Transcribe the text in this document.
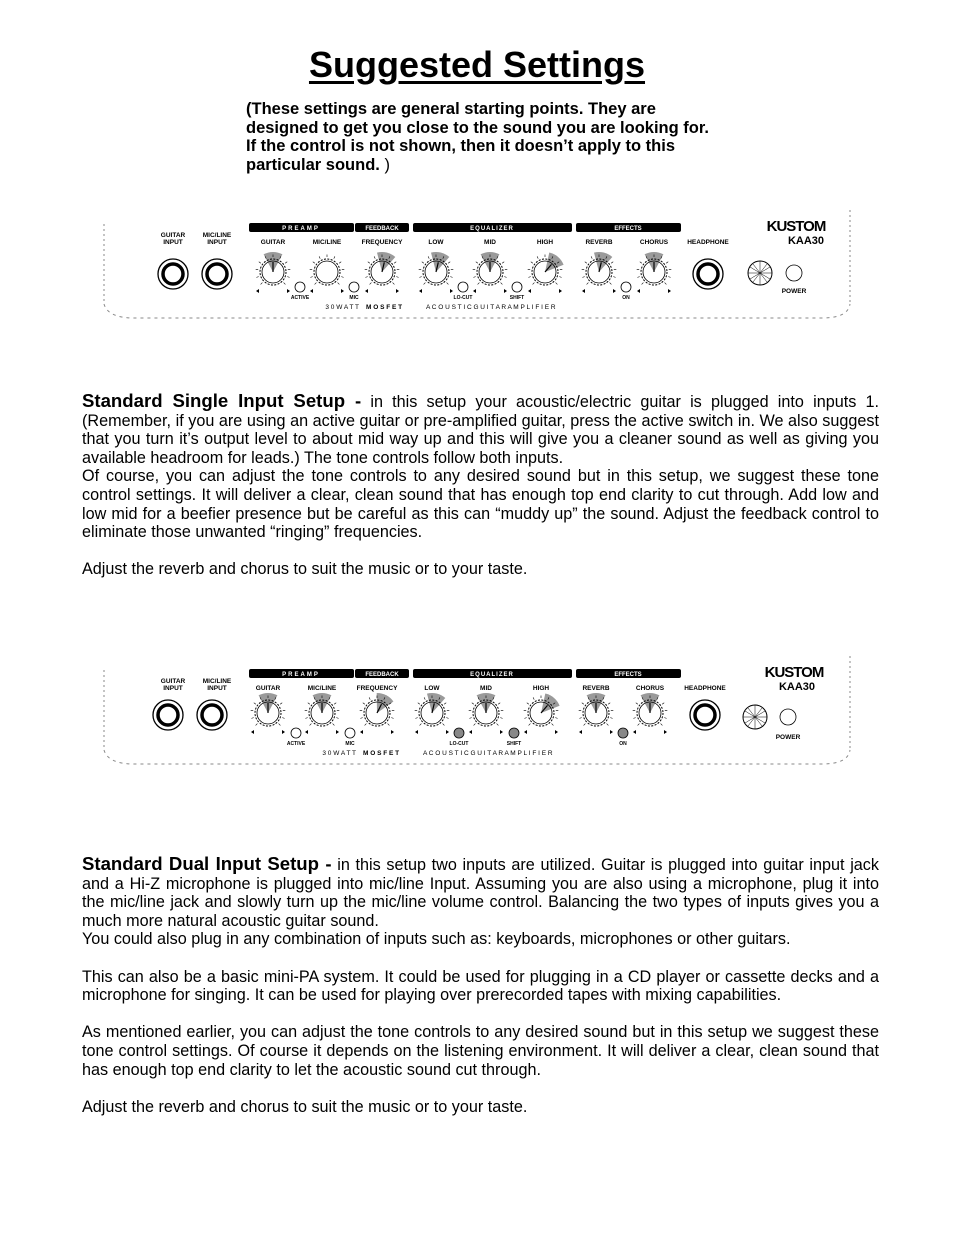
Suggested Settings
(These settings are general starting points. They are designed to get you close to the sound you are looking for. If the control is not shown, then it doesn’t apply to this particular sound. )
GUITAR
INPUT
MIC/LINE
INPUT
PREAMP	FEEDBACK	EQUALIZER	EFFECTS
GUITAR	MIC/LINE	FREQUENCY	LOW	MID	HIGH	REVERB	CHORUS	HEADPHONE
KUSTOM
KAA30
POWER
ACTIVE	MIC	LO-CUT	SHIFT	ON
3 0 W A T T M O S F E T	A C O U S T I C G U I T A R A M P L I F I E R

Standard Single Input Setup - in this setup your acoustic/electric guitar is plugged into inputs 1. (Remember, if you are using an active guitar or pre-amplified guitar, press the active switch in. We also suggest that you turn it’s output level to about mid way up and this will give you a cleaner sound as well as giving you available headroom for leads.) The tone controls follow both inputs.

Of course, you can adjust the tone controls to any desired sound but in this setup, we suggest these tone control settings. It will deliver a clear, clean sound that has enough top end clarity to cut through. Add low and low mid for a beefier presence but be careful as this can “muddy up” the sound. Adjust the feedback control to eliminate those unwanted “ringing” frequencies.

Adjust the reverb and chorus to suit the music or to your taste.

GUITAR
INPUT
MIC/LINE
INPUT
PREAMP	FEEDBACK	EQUALIZER	EFFECTS
GUITAR	MIC/LINE	FREQUENCY	LOW	MID	HIGH	REVERB	CHORUS	HEADPHONE
KUSTOM
KAA30
POWER
ACTIVE	MIC	LO-CUT	SHIFT	ON
3 0 W A T T M O S F E T	A C O U S T I C G U I T A R A M P L I F I E R

Standard Dual Input Setup - in this setup two inputs are utilized. Guitar is plugged into guitar input jack and a Hi-Z microphone is plugged into mic/line Input. Assuming you are also using a microphone, plug it into the mic/line jack and slowly turn up the mic/line volume control. Balancing the two types of inputs gives you a much more natural acoustic guitar sound.

You could also plug in any combination of inputs such as: keyboards, microphones or other guitars.

This can also be a basic mini-PA system. It could be used for plugging in a CD player or cassette decks and a microphone for singing. It can be used for playing over prerecorded tapes with mixing capabilities.

As mentioned earlier, you can adjust the tone controls to any desired sound but in this setup we suggest these tone control settings. Of course it depends on the listening environment. It will deliver a clear, clean sound that has enough top end clarity to let the acoustic sound cut through.

Adjust the reverb and chorus to suit the music or to your taste.
